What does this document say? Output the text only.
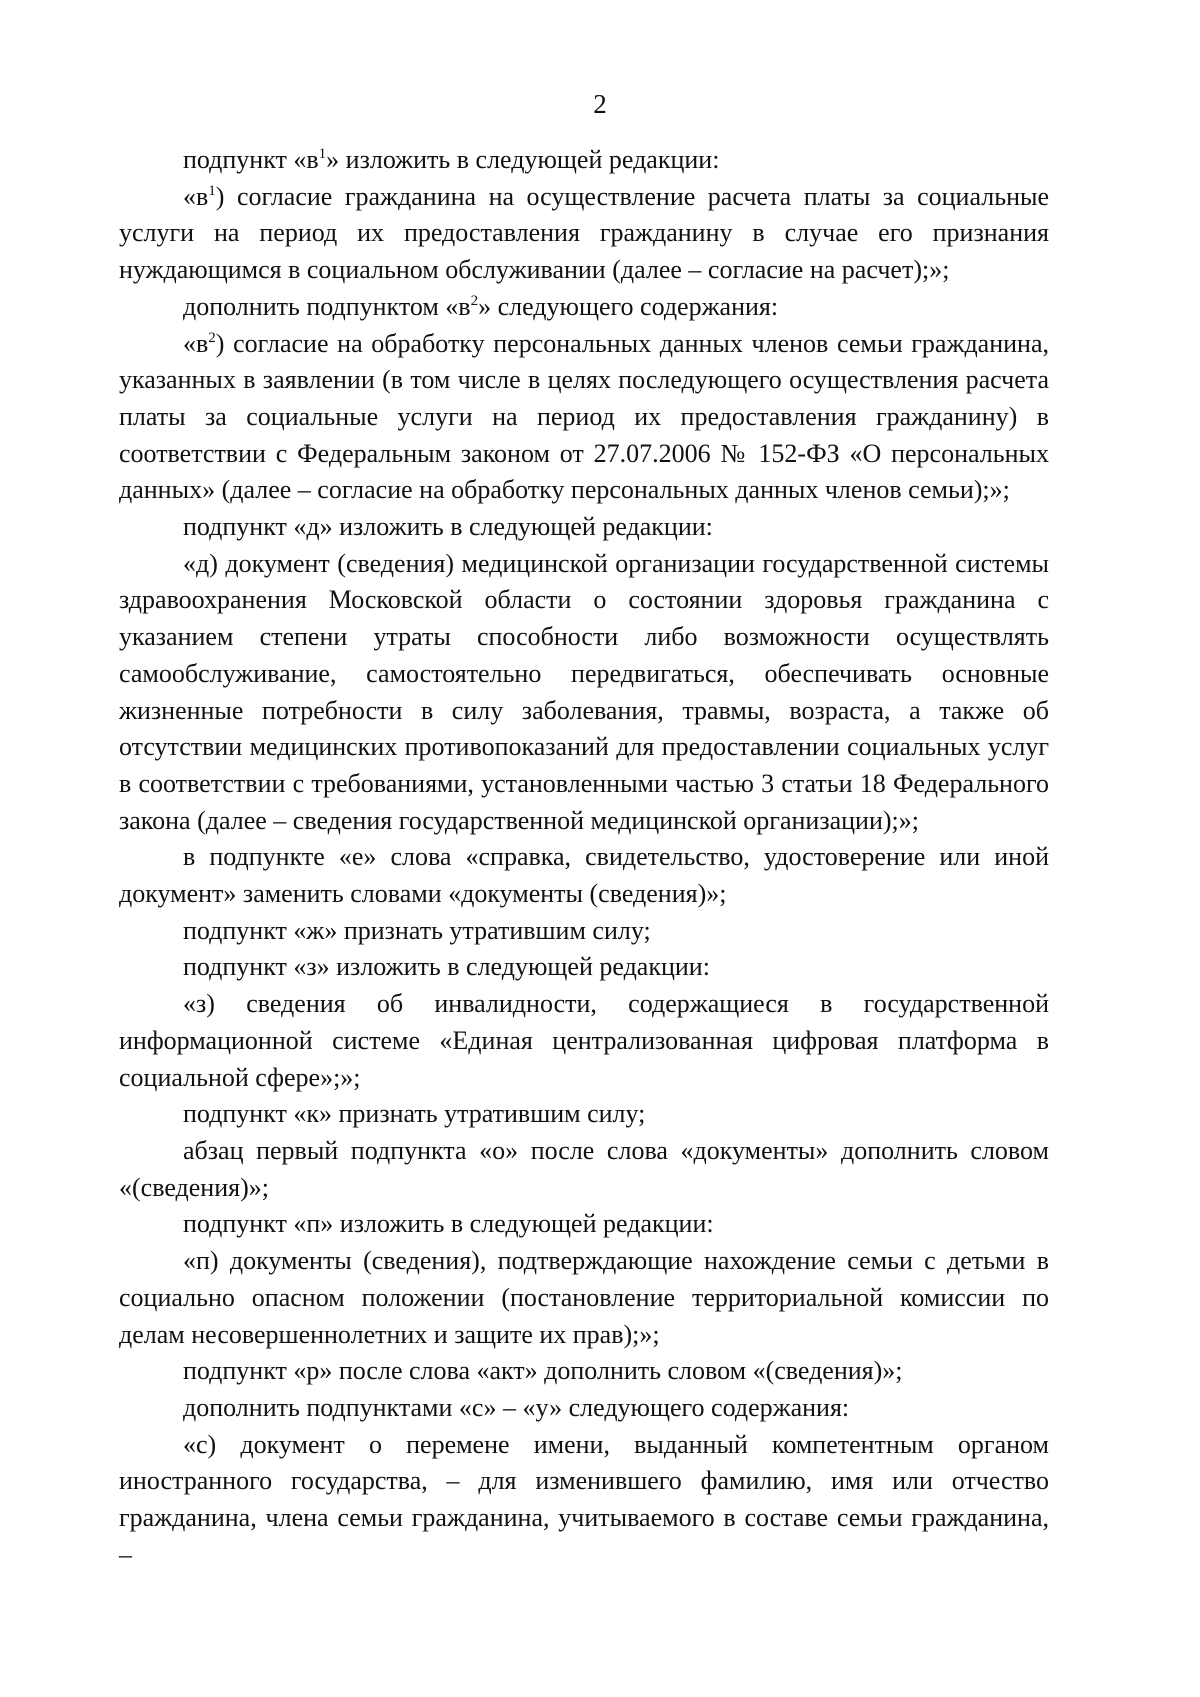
2

подпункт «$в^1$» изложить в следующей редакции:

«$в^1$) согласие гражданина на осуществление расчета платы за социальные услуги на период их предоставления гражданину в случае его признания нуждающимся в социальном обслуживании (далее – согласие на расчет);»;

дополнить подпунктом «$в^2$» следующего содержания:

«$в^2$) согласие на обработку персональных данных членов семьи гражданина, указанных в заявлении (в том числе в целях последующего осуществления расчета платы за социальные услуги на период их предоставления гражданину) в соответствии с Федеральным законом от 27.07.2006 № 152-ФЗ «О персональных данных» (далее – согласие на обработку персональных данных членов семьи);»;

подпункт «д» изложить в следующей редакции:

«д) документ (сведения) медицинской организации государственной системы здравоохранения Московской области о состоянии здоровья гражданина с указанием степени утраты способности либо возможности осуществлять самообслуживание, самостоятельно передвигаться, обеспечивать основные жизненные потребности в силу заболевания, травмы, возраста, а также об отсутствии медицинских противопоказаний для предоставлении социальных услуг в соответствии с требованиями, установленными частью 3 статьи 18 Федерального закона (далее – сведения государственной медицинской организации);»;

в подпункте «е» слова «справка, свидетельство, удостоверение или иной документ» заменить словами «документы (сведения)»;

подпункт «ж» признать утратившим силу;

подпункт «з» изложить в следующей редакции:

«з) сведения об инвалидности, содержащиеся в государственной информационной системе «Единая централизованная цифровая платформа в социальной сфере»;»;

подпункт «к» признать утратившим силу;

абзац первый подпункта «о» после слова «документы» дополнить словом «(сведения)»;

подпункт «п» изложить в следующей редакции:

«п) документы (сведения), подтверждающие нахождение семьи с детьми в социально опасном положении (постановление территориальной комиссии по делам несовершеннолетних и защите их прав);»;

подпункт «р» после слова «акт» дополнить словом «(сведения)»;

дополнить подпунктами «с» – «у» следующего содержания:

«с) документ о перемене имени, выданный компетентным органом иностранного государства, – для изменившего фамилию, имя или отчество гражданина, члена семьи гражданина, учитываемого в составе семьи гражданина, –
